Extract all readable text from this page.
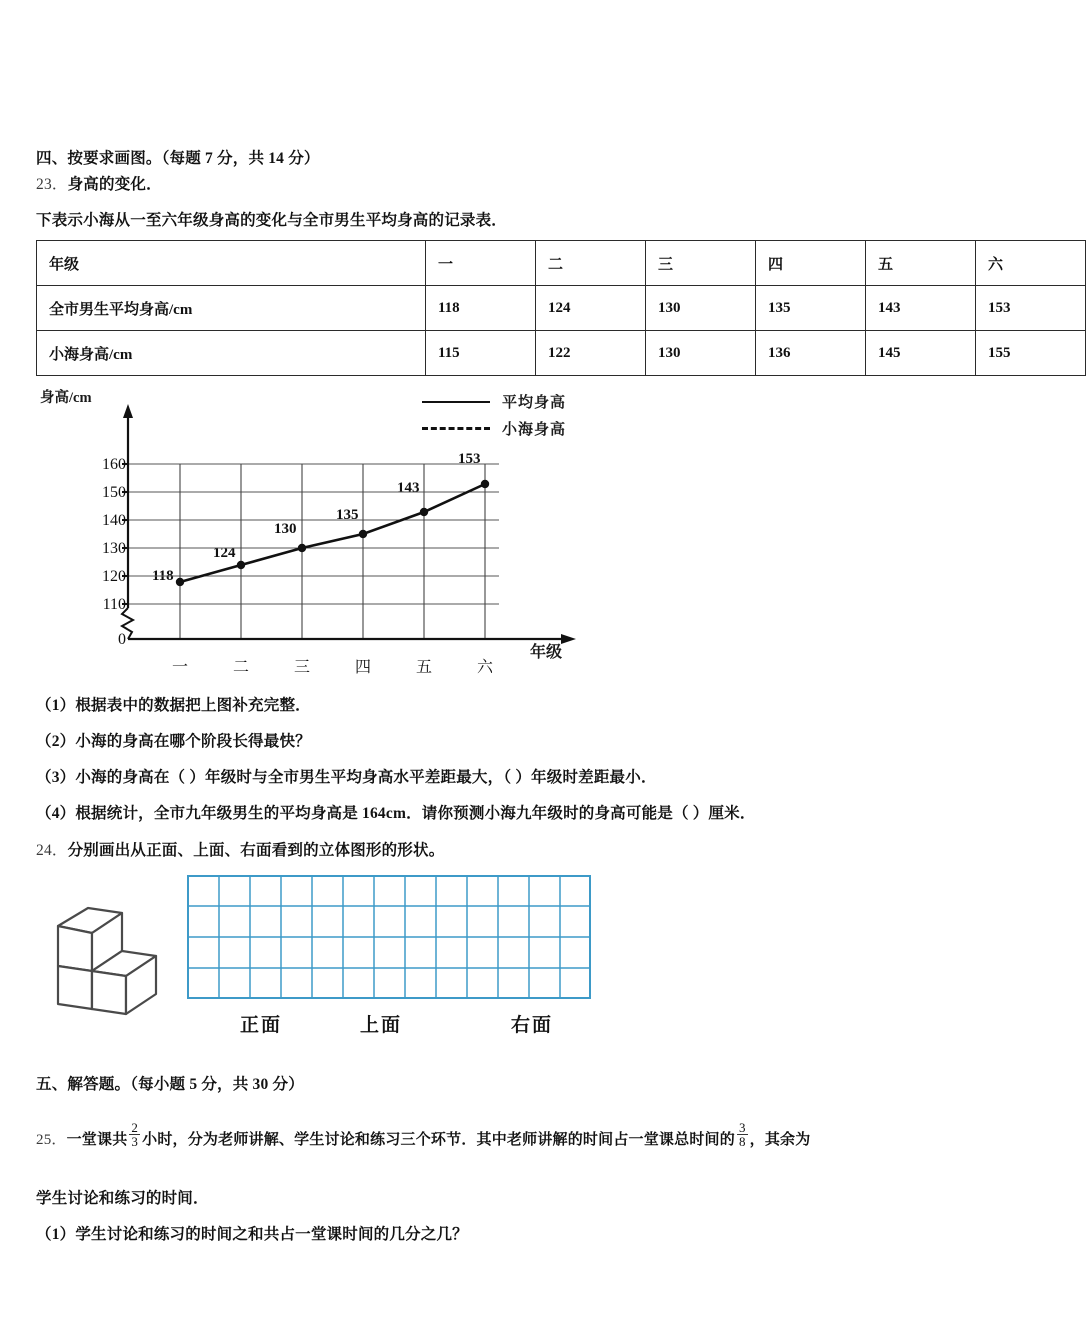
四、按要求画图。（每题 7 分，共 14 分）
23．身高的变化．
下表示小海从一至六年级身高的变化与全市男生平均身高的记录表．
年级	一	二	三	四	五	六
全市男生平均身高/cm	118	124	130	135	143	153
小海身高/cm	115	122	130	136	145	155
身高/cm
年级
平均身高
小海身高
160
150
140
130
120
110
0
一	二	三	四	五	六
118
124
130
135
143
153
（1）根据表中的数据把上图补充完整．
（2）小海的身高在哪个阶段长得最快？
（3）小海的身高在（ ）年级时与全市男生平均身高水平差距最大，（ ）年级时差距最小．
（4）根据统计，全市九年级男生的平均身高是 164cm．请你预测小海九年级时的身高可能是（ ）厘米．
24．分别画出从正面、上面、右面看到的立体图形的形状。
正面	上面	右面
五、解答题。（每小题 5 分，共 30 分）
25．一堂课共 $\frac{2}{3}$ 小时，分为老师讲解、学生讨论和练习三个环节．其中老师讲解的时间占一堂课总时间的 $\frac{3}{8}$ ，其余为
学生讨论和练习的时间．
（1）学生讨论和练习的时间之和共占一堂课时间的几分之几？
